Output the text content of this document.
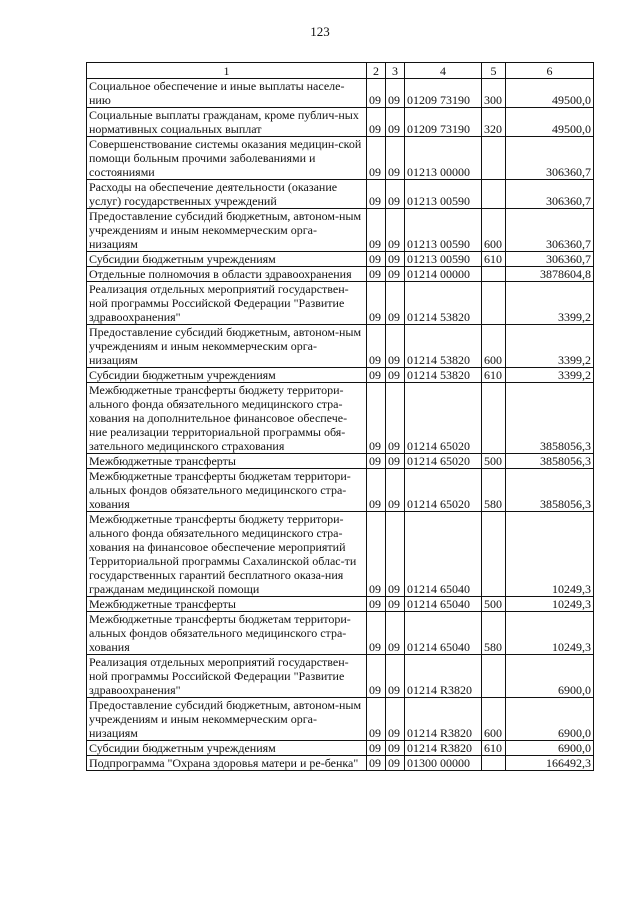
123
1	2	3	4	5	6
Социальное обеспечение и иные выплаты населе-нию	09	09	01209 73190	300	49500,0
Социальные выплаты гражданам, кроме публич-ных нормативных социальных выплат	09	09	01209 73190	320	49500,0
Совершенствование системы оказания медицин-ской помощи больным прочими заболеваниями и состояниями	09	09	01213 00000		306360,7
Расходы на обеспечение деятельности (оказание услуг) государственных учреждений	09	09	01213 00590		306360,7
Предоставление субсидий бюджетным, автоном-ным учреждениям и иным некоммерческим орга-низациям	09	09	01213 00590	600	306360,7
Субсидии бюджетным учреждениям	09	09	01213 00590	610	306360,7
Отдельные полномочия в области здравоохранения	09	09	01214 00000		3878604,8
Реализация отдельных мероприятий государствен-ной программы Российской Федерации "Развитие здравоохранения"	09	09	01214 53820		3399,2
Предоставление субсидий бюджетным, автоном-ным учреждениям и иным некоммерческим орга-низациям	09	09	01214 53820	600	3399,2
Субсидии бюджетным учреждениям	09	09	01214 53820	610	3399,2
Межбюджетные трансферты бюджету территори-ального фонда обязательного медицинского стра-хования на дополнительное финансовое обеспече-ние реализации территориальной программы обя-зательного медицинского страхования	09	09	01214 65020		3858056,3
Межбюджетные трансферты	09	09	01214 65020	500	3858056,3
Межбюджетные трансферты бюджетам территори-альных фондов обязательного медицинского стра-хования	09	09	01214 65020	580	3858056,3
Межбюджетные трансферты бюджету территори-ального фонда обязательного медицинского стра-хования на финансовое обеспечение мероприятий Территориальной программы Сахалинской облас-ти государственных гарантий бесплатного оказа-ния гражданам медицинской помощи	09	09	01214 65040		10249,3
Межбюджетные трансферты	09	09	01214 65040	500	10249,3
Межбюджетные трансферты бюджетам территори-альных фондов обязательного медицинского стра-хования	09	09	01214 65040	580	10249,3
Реализация отдельных мероприятий государствен-ной программы Российской Федерации "Развитие здравоохранения"	09	09	01214 R3820		6900,0
Предоставление субсидий бюджетным, автоном-ным учреждениям и иным некоммерческим орга-низациям	09	09	01214 R3820	600	6900,0
Субсидии бюджетным учреждениям	09	09	01214 R3820	610	6900,0
Подпрограмма "Охрана здоровья матери и ре-бенка"	09	09	01300 00000		166492,3
